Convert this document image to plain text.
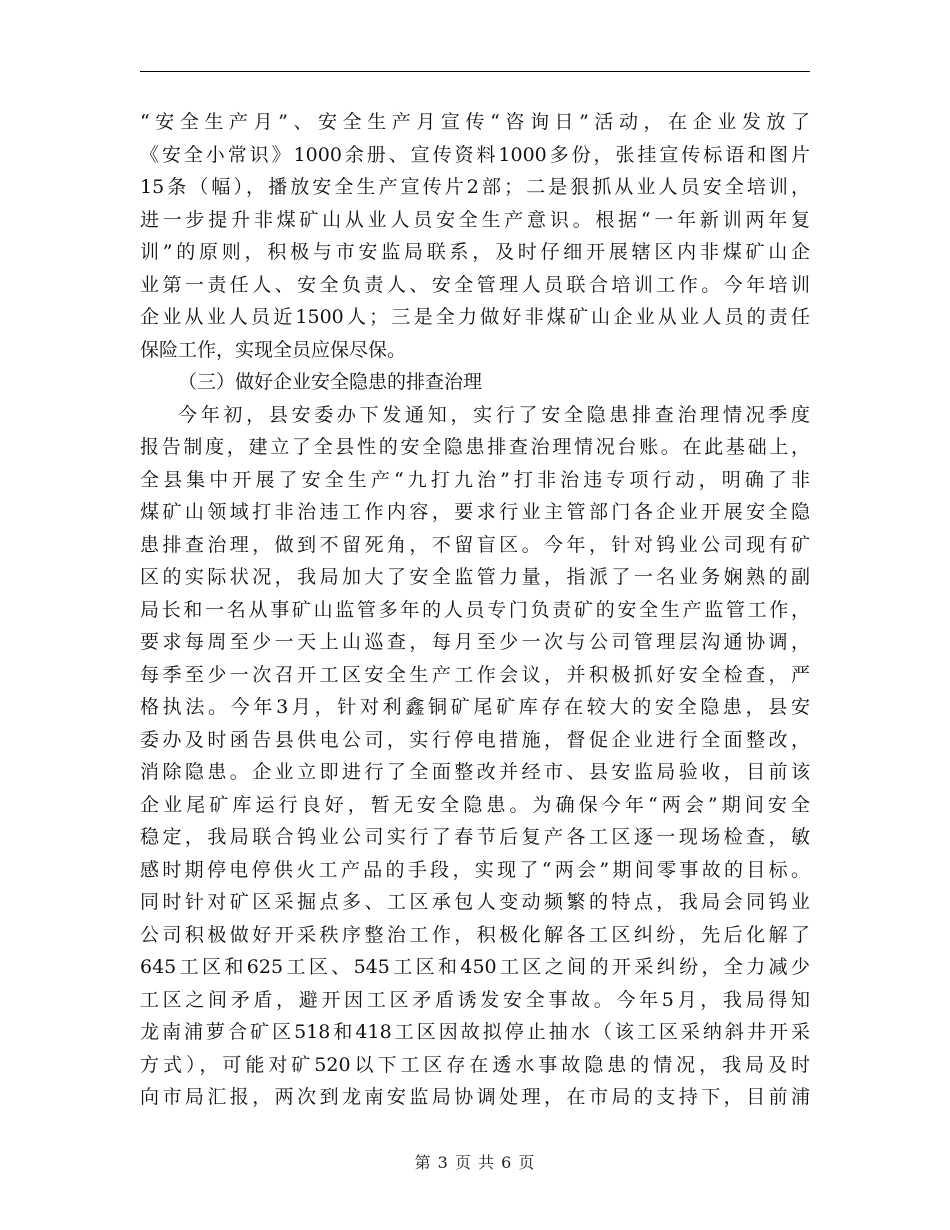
“安全生产月”、安全生产月宣传“咨询日”活动，在企业发放了
《安全小常识》1000余册、宣传资料1000多份，张挂宣传标语和图片
15条（幅），播放安全生产宣传片2部；二是狠抓从业人员安全培训，
进一步提升非煤矿山从业人员安全生产意识。根据“一年新训两年复
训”的原则，积极与市安监局联系，及时仔细开展辖区内非煤矿山企
业第一责任人、安全负责人、安全管理人员联合培训工作。今年培训
企业从业人员近1500人；三是全力做好非煤矿山企业从业人员的责任
保险工作，实现全员应保尽保。
（三）做好企业安全隐患的排查治理
今年初，县安委办下发通知，实行了安全隐患排查治理情况季度
报告制度，建立了全县性的安全隐患排查治理情况台账。在此基础上，
全县集中开展了安全生产“九打九治”打非治违专项行动，明确了非
煤矿山领域打非治违工作内容，要求行业主管部门各企业开展安全隐
患排查治理，做到不留死角，不留盲区。今年，针对钨业公司现有矿
区的实际状况，我局加大了安全监管力量，指派了一名业务娴熟的副
局长和一名从事矿山监管多年的人员专门负责矿的安全生产监管工作，
要求每周至少一天上山巡查，每月至少一次与公司管理层沟通协调，
每季至少一次召开工区安全生产工作会议，并积极抓好安全检查，严
格执法。今年3月，针对利鑫铜矿尾矿库存在较大的安全隐患，县安
委办及时函告县供电公司，实行停电措施，督促企业进行全面整改，
消除隐患。企业立即进行了全面整改并经市、县安监局验收，目前该
企业尾矿库运行良好，暂无安全隐患。为确保今年“两会”期间安全
稳定，我局联合钨业公司实行了春节后复产各工区逐一现场检查，敏
感时期停电停供火工产品的手段，实现了“两会”期间零事故的目标。
同时针对矿区采掘点多、工区承包人变动频繁的特点，我局会同钨业
公司积极做好开采秩序整治工作，积极化解各工区纠纷，先后化解了
645工区和625工区、545工区和450工区之间的开采纠纷，全力减少
工区之间矛盾，避开因工区矛盾诱发安全事故。今年5月，我局得知
龙南浦萝合矿区518和418工区因故拟停止抽水（该工区采纳斜井开采
方式），可能对矿520以下工区存在透水事故隐患的情况，我局及时
向市局汇报，两次到龙南安监局协调处理，在市局的支持下，目前浦
第 3 页 共 6 页
